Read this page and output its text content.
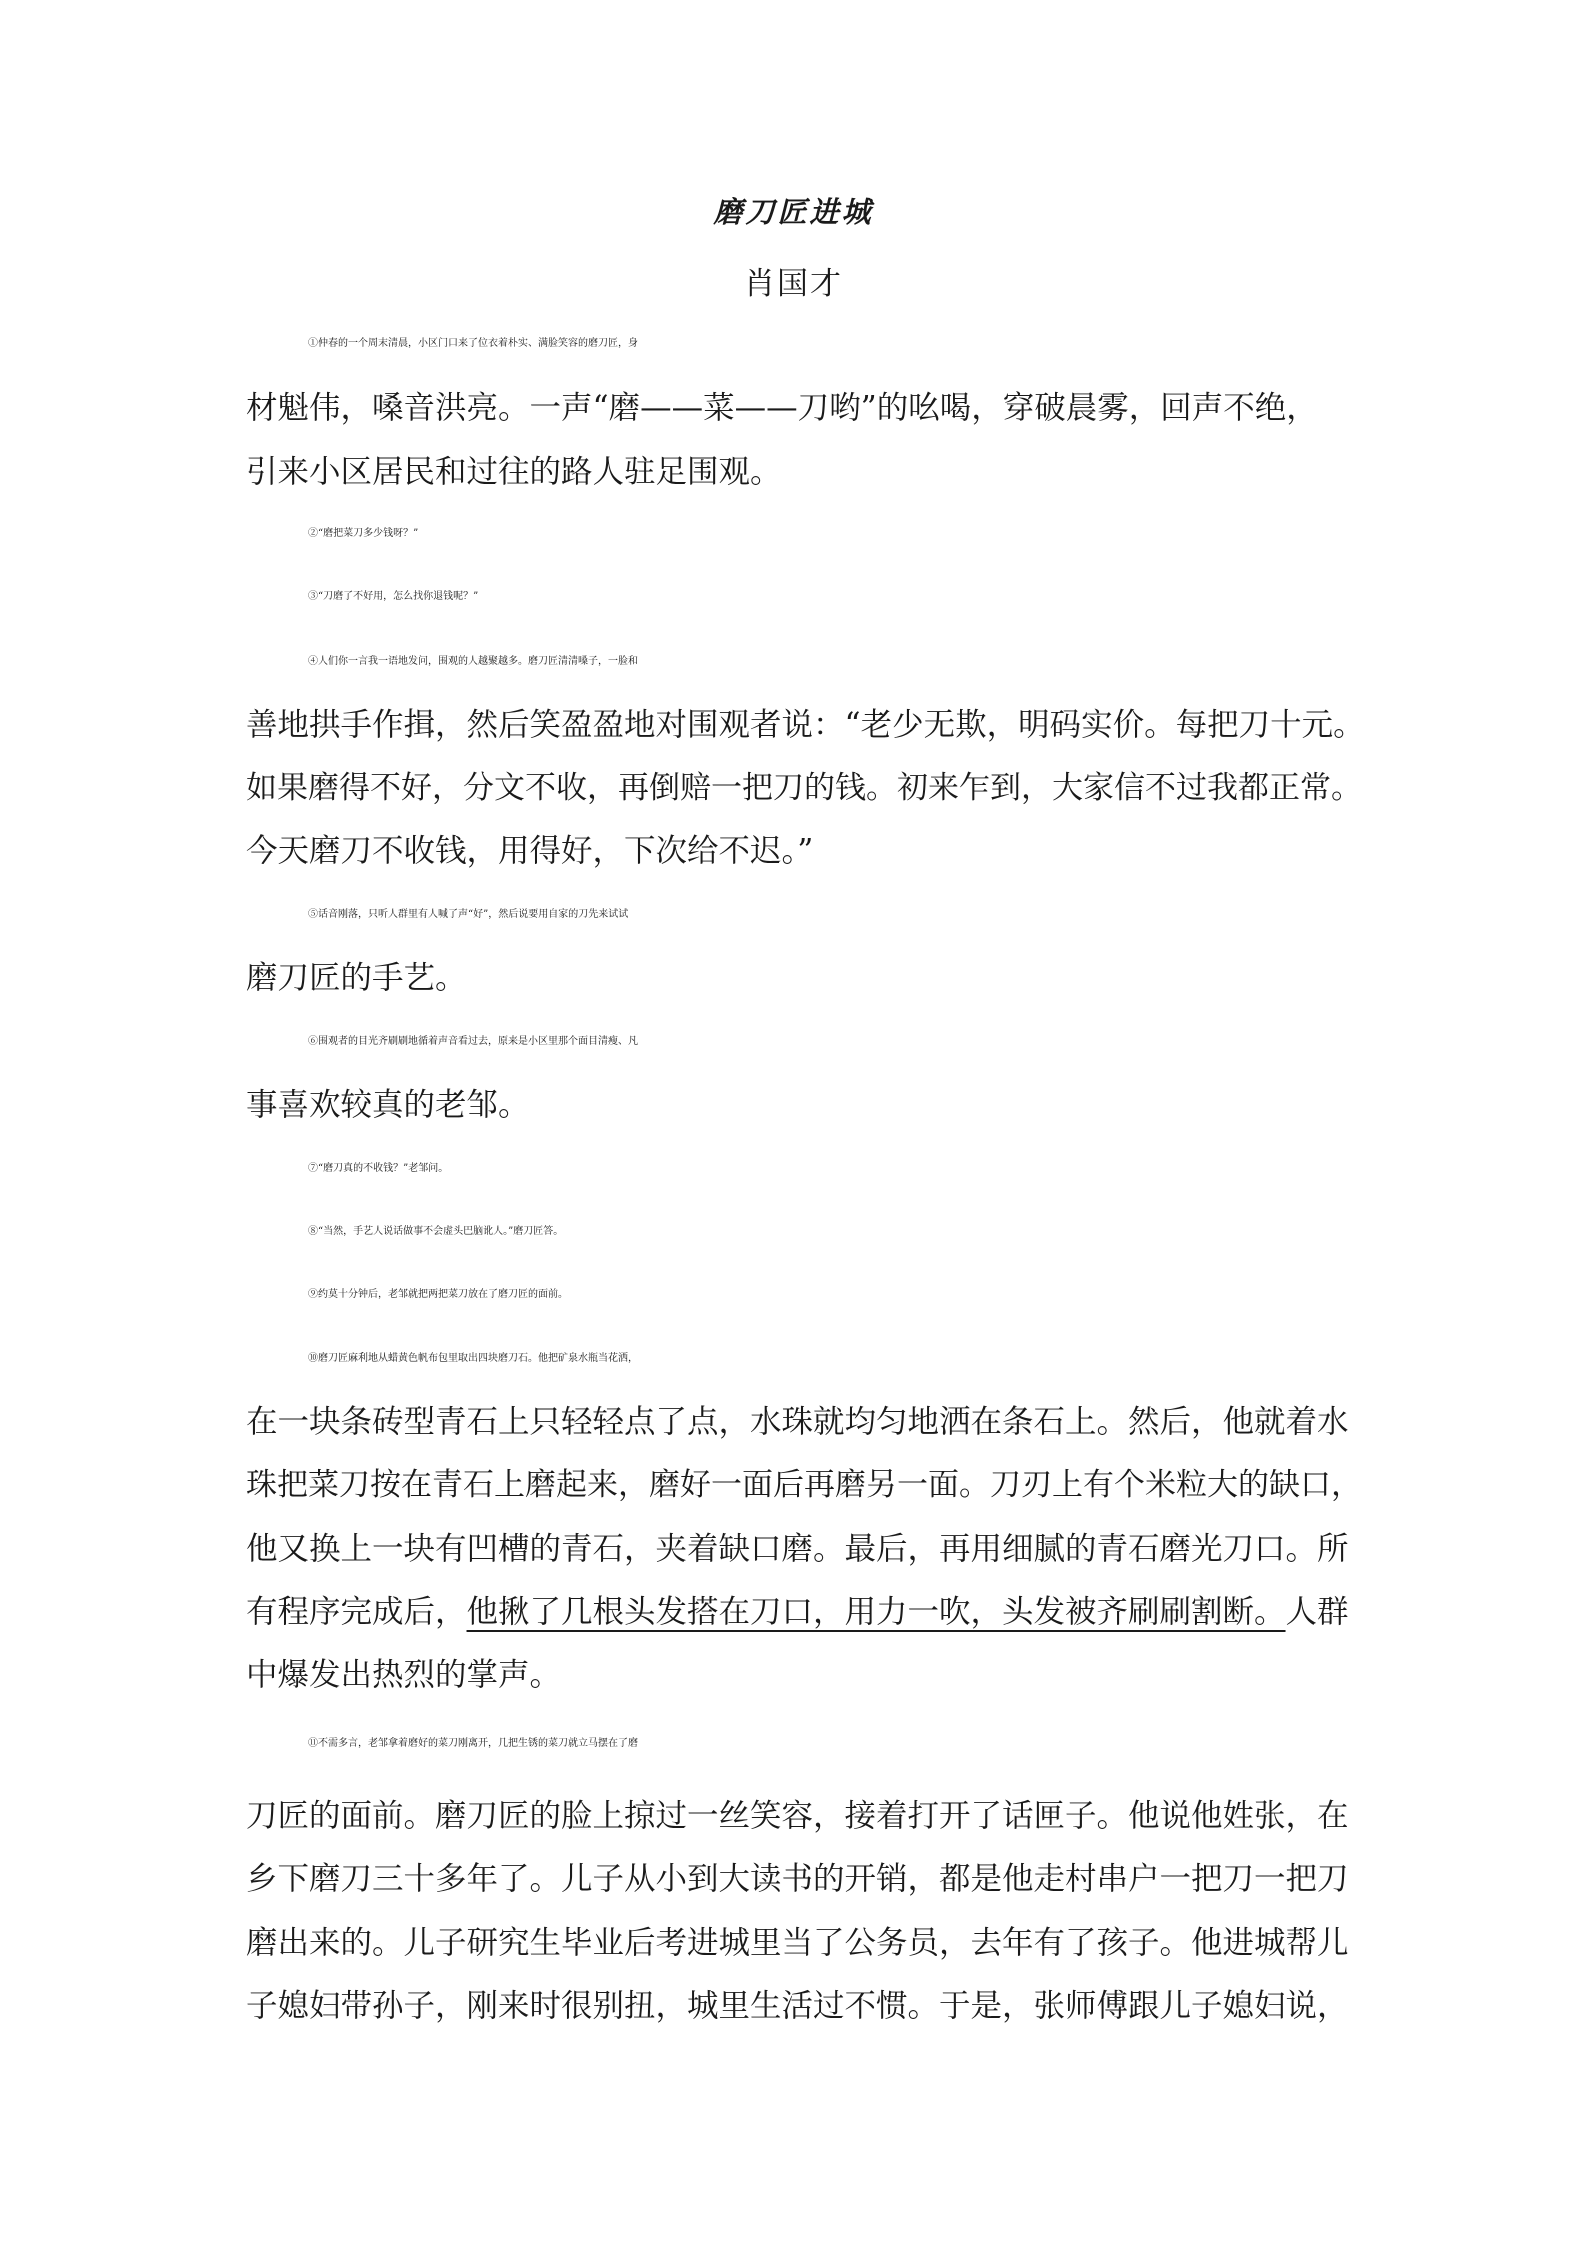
磨刀匠进城
肖国才
①仲春的一个周末清晨，小区门口来了位衣着朴实、满脸笑容的磨刀匠，身
材魁伟，嗓音洪亮。一声“磨——菜——刀哟”的吆喝，穿破晨雾，回声不绝，
引来小区居民和过往的路人驻足围观。
②“磨把菜刀多少钱呀？”
③“刀磨了不好用，怎么找你退钱呢？”
④人们你一言我一语地发问，围观的人越聚越多。磨刀匠清清嗓子，一脸和
善地拱手作揖，然后笑盈盈地对围观者说：“老少无欺，明码实价。每把刀十元。
如果磨得不好，分文不收，再倒赔一把刀的钱。初来乍到，大家信不过我都正常。
今天磨刀不收钱，用得好，下次给不迟。”
⑤话音刚落，只听人群里有人喊了声“好”，然后说要用自家的刀先来试试
磨刀匠的手艺。
⑥围观者的目光齐刷刷地循着声音看过去，原来是小区里那个面目清瘦、凡
事喜欢较真的老邹。
⑦“磨刀真的不收钱？”老邹问。
⑧“当然，手艺人说话做事不会虚头巴脑讹人。”磨刀匠答。
⑨约莫十分钟后，老邹就把两把菜刀放在了磨刀匠的面前。
⑩磨刀匠麻利地从蜡黄色帆布包里取出四块磨刀石。他把矿泉水瓶当花洒，
在一块条砖型青石上只轻轻点了点，水珠就均匀地洒在条石上。然后，他就着水
珠把菜刀按在青石上磨起来，磨好一面后再磨另一面。刀刃上有个米粒大的缺口，
他又换上一块有凹槽的青石，夹着缺口磨。最后，再用细腻的青石磨光刀口。所
有程序完成后，他揪了几根头发搭在刀口，用力一吹，头发被齐刷刷割断。人群
中爆发出热烈的掌声。
⑪不需多言，老邹拿着磨好的菜刀刚离开，几把生锈的菜刀就立马摆在了磨
刀匠的面前。磨刀匠的脸上掠过一丝笑容，接着打开了话匣子。他说他姓张，在
乡下磨刀三十多年了。儿子从小到大读书的开销，都是他走村串户一把刀一把刀
磨出来的。儿子研究生毕业后考进城里当了公务员，去年有了孩子。他进城帮儿
子媳妇带孙子，刚来时很别扭，城里生活过不惯。于是，张师傅跟儿子媳妇说，
